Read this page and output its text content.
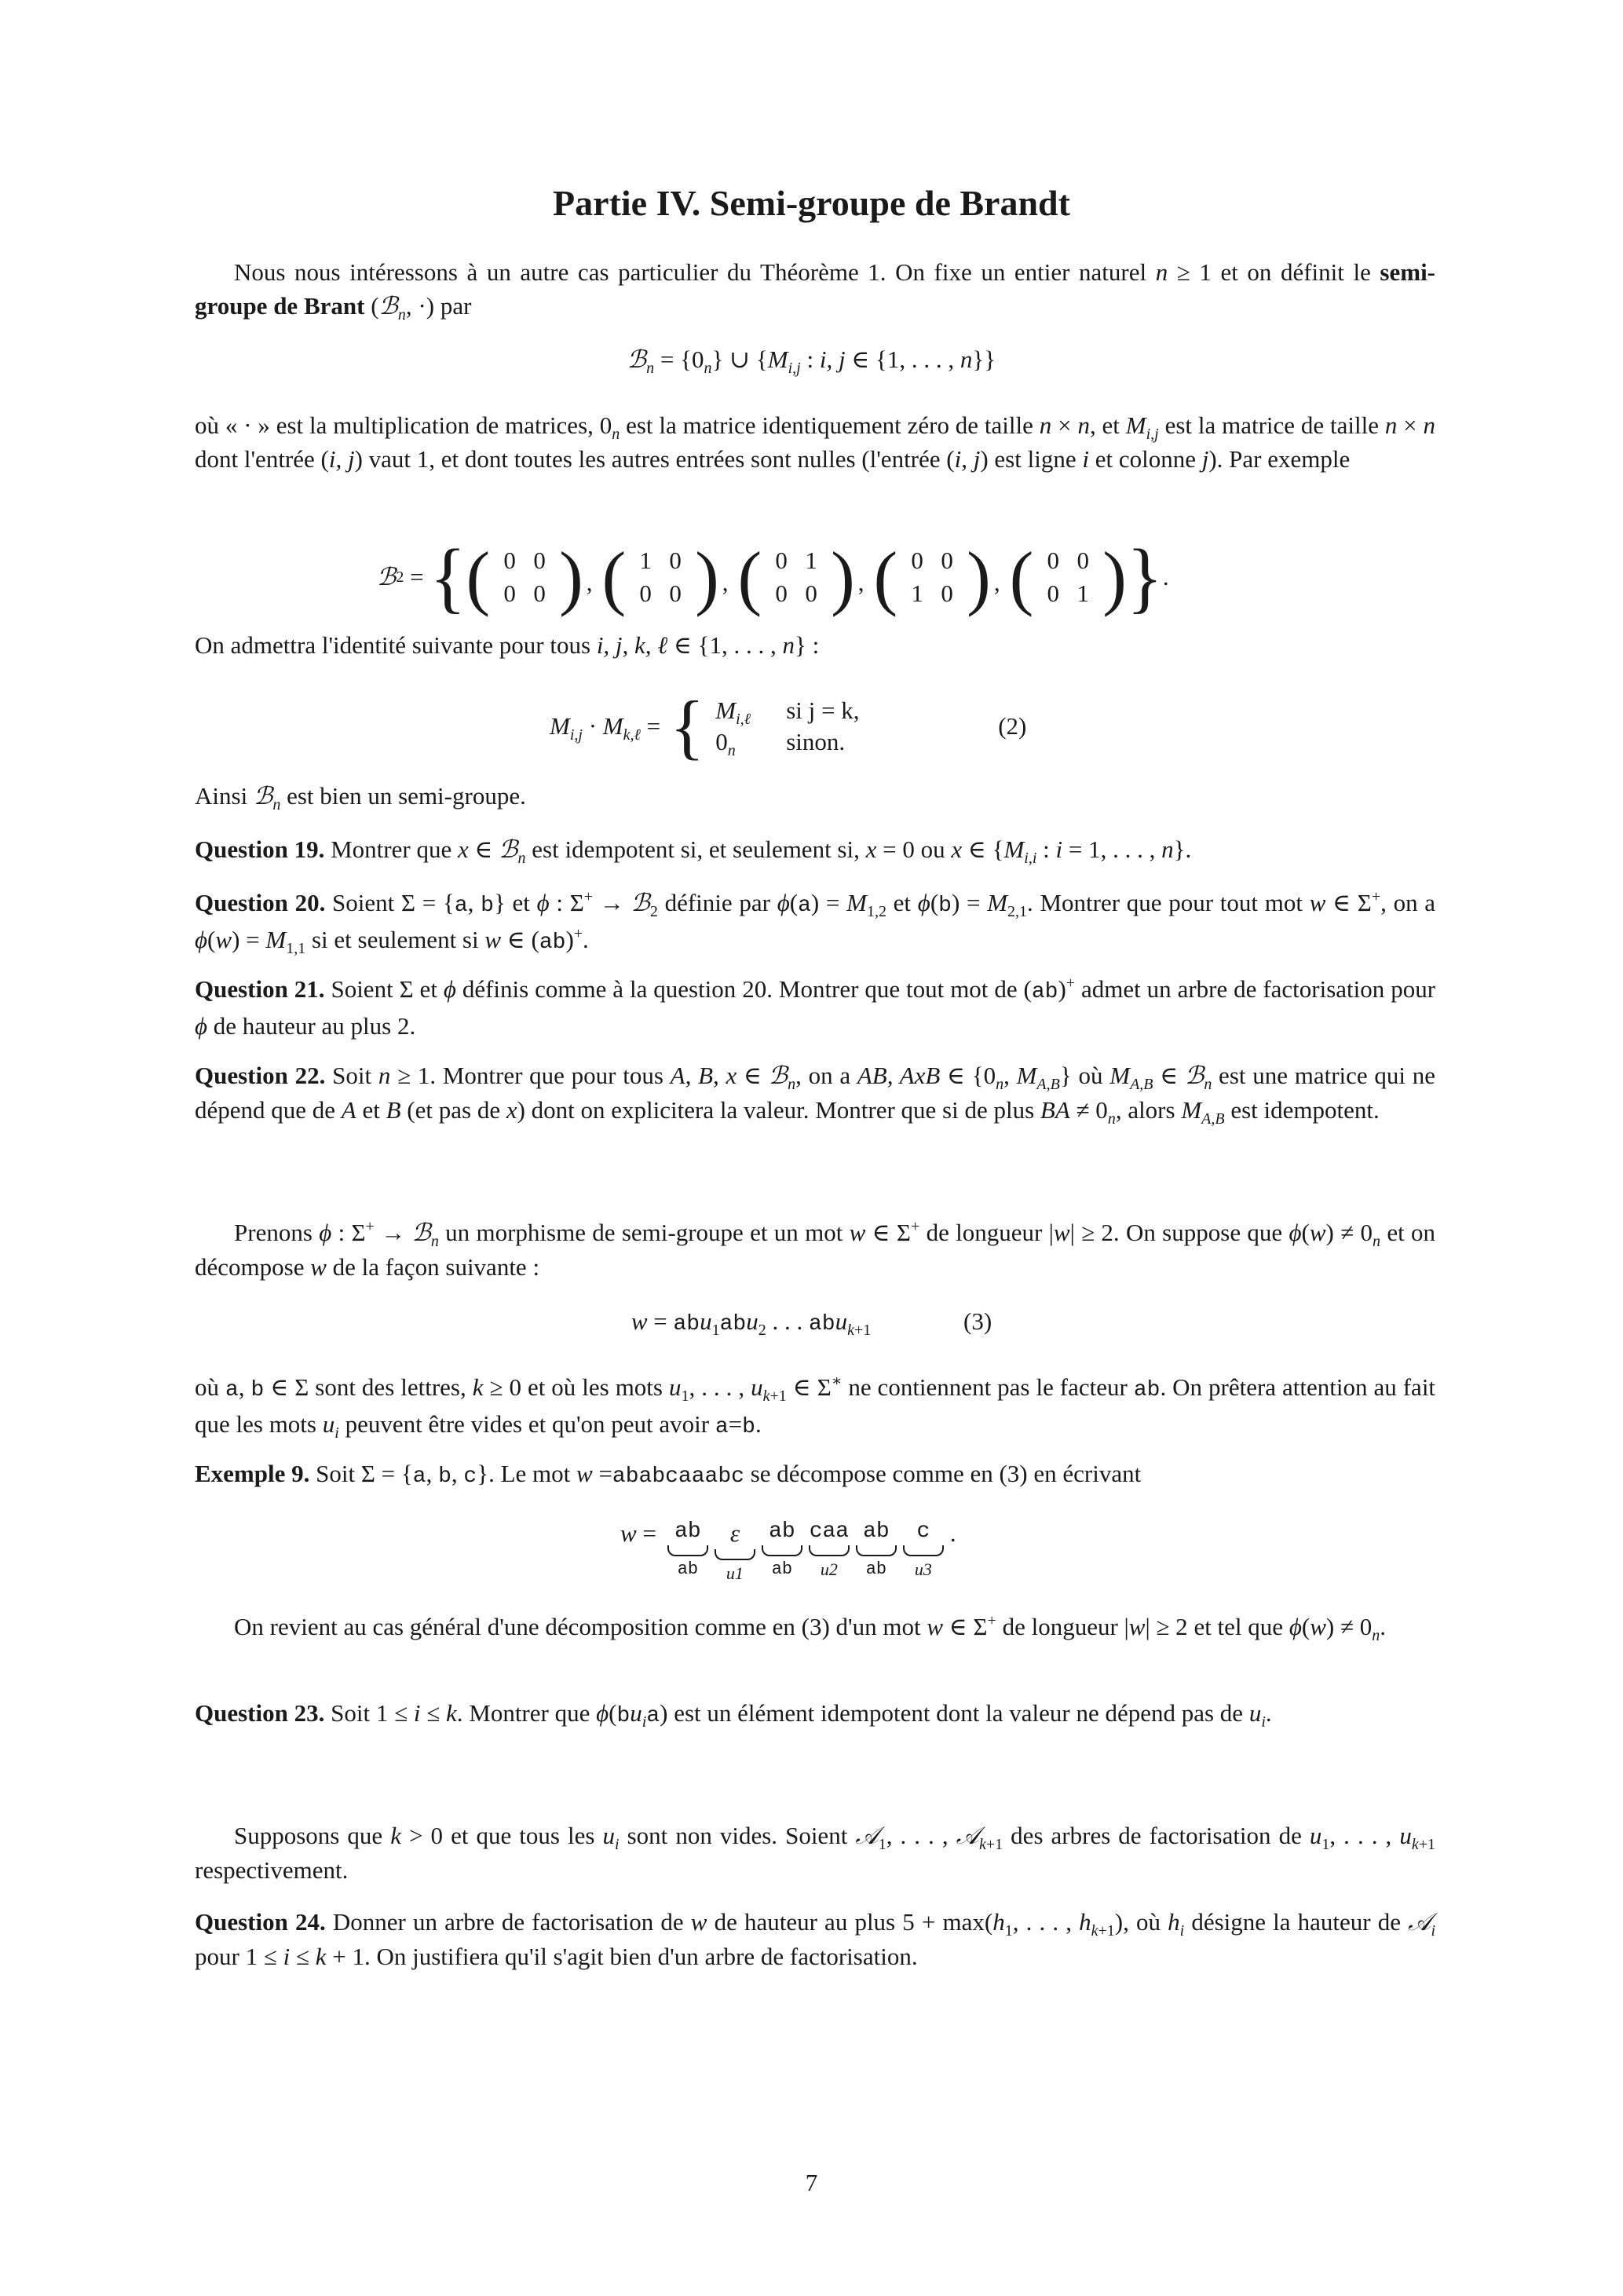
Partie IV. Semi-groupe de Brandt
Nous nous intéressons à un autre cas particulier du Théorème 1. On fixe un entier naturel n ≥ 1 et on définit le semi-groupe de Brant (ℬ$_n$, ·) par
ℬ$_n$ = $\{0_n\}$ ∪ {$M_{i,j}$ : i, j ∈ {1, . . . , n}}
où « · » est la multiplication de matrices, $0_n$ est la matrice identiquement zéro de taille n × n, et $M_{i,j}$ est la matrice de taille n × n dont l'entrée (i, j) vaut 1, et dont toutes les autres entrées sont nulles (l'entrée (i, j) est ligne i et colonne j). Par exemple
ℬ 2 = { ( 0 0
0 0 ) , ( 1 0
0 0 ) , ( 0 1
0 0 ) , ( 0 0
1 0 ) , ( 0 0
0 1 ) } .
On admettra l'identité suivante pour tous i, j, k, ℓ ∈ {1, . . . , n} :
$M_{i,j} \cdot M_{k,\ell}$ = { $M_{i,\ell}$	si j = k,
$0_n$	sinon.
(2)
Ainsi ℬ$_n$ est bien un semi-groupe.
Question 19. Montrer que x ∈ ℬ$_n$ est idempotent si, et seulement si, x = 0 ou x ∈ {$M_{i,i}$ : i = 1, . . . , n}.
Question 20. Soient Σ = {a, b} et ϕ : Σ+ → ℬ$_2$ définie par $\phi(a) = M_{1,2}$ et $\phi(b) = M_{2,1}$. Montrer que pour tout mot w ∈ Σ+, on a $\phi(w) = M_{1,1}$ si et seulement si w ∈ (ab)+.
Question 21. Soient Σ et ϕ définis comme à la question 20. Montrer que tout mot de (ab)+ admet un arbre de factorisation pour ϕ de hauteur au plus 2.
Question 22. Soit n ≥ 1. Montrer que pour tous A, B, x ∈ ℬ$_n$, on a AB, AxB ∈ {$0_n$, $M_{A,B}$} où $M_{A,B}$ ∈ ℬ$_n$ est une matrice qui ne dépend que de A et B (et pas de x) dont on explicitera la valeur. Montrer que si de plus BA ≠ $0_n$, alors $M_{A,B}$ est idempotent.
Prenons ϕ : Σ+ → ℬ$_n$ un morphisme de semi-groupe et un mot w ∈ Σ+ de longueur |w| ≥ 2. On suppose que $\phi(w) \ne 0_n$ et on décompose w de la façon suivante :
w = abu$_1$abu$_2$ . . . abu$_{k+1}$	(3)
où a, b ∈ Σ sont des lettres, k ≥ 0 et où les mots $u_1$, . . . , $u_{k+1}$ ∈ Σ∗ ne contiennent pas le facteur ab. On prêtera attention au fait que les mots $u_i$ peuvent être vides et qu'on peut avoir a=b.
Exemple 9. Soit Σ = {a, b, c}. Le mot w =ababcaaabc se décompose comme en (3) en écrivant
w = ab
ab
ε
u1
ab
ab
caa
u2
ab
ab
c
u3
.
On revient au cas général d'une décomposition comme en (3) d'un mot w ∈ Σ+ de longueur |w| ≥ 2 et tel que $\phi(w) \ne 0_n$.
Question 23. Soit 1 ≤ i ≤ k. Montrer que $\phi(bu_ia)$ est un élément idempotent dont la valeur ne dépend pas de $u_i$.
Supposons que k > 0 et que tous les $u_i$ sont non vides. Soient 𝒜$_1$, . . . , 𝒜$_{k+1}$ des arbres de factorisation de $u_1$, . . . , $u_{k+1}$ respectivement.
Question 24. Donner un arbre de factorisation de w de hauteur au plus $5 + \max(h_1$, . . . , $h_{k+1}$), où $h_i$ désigne la hauteur de 𝒜$_i$ pour 1 ≤ i ≤ k + 1. On justifiera qu'il s'agit bien d'un arbre de factorisation.
7
